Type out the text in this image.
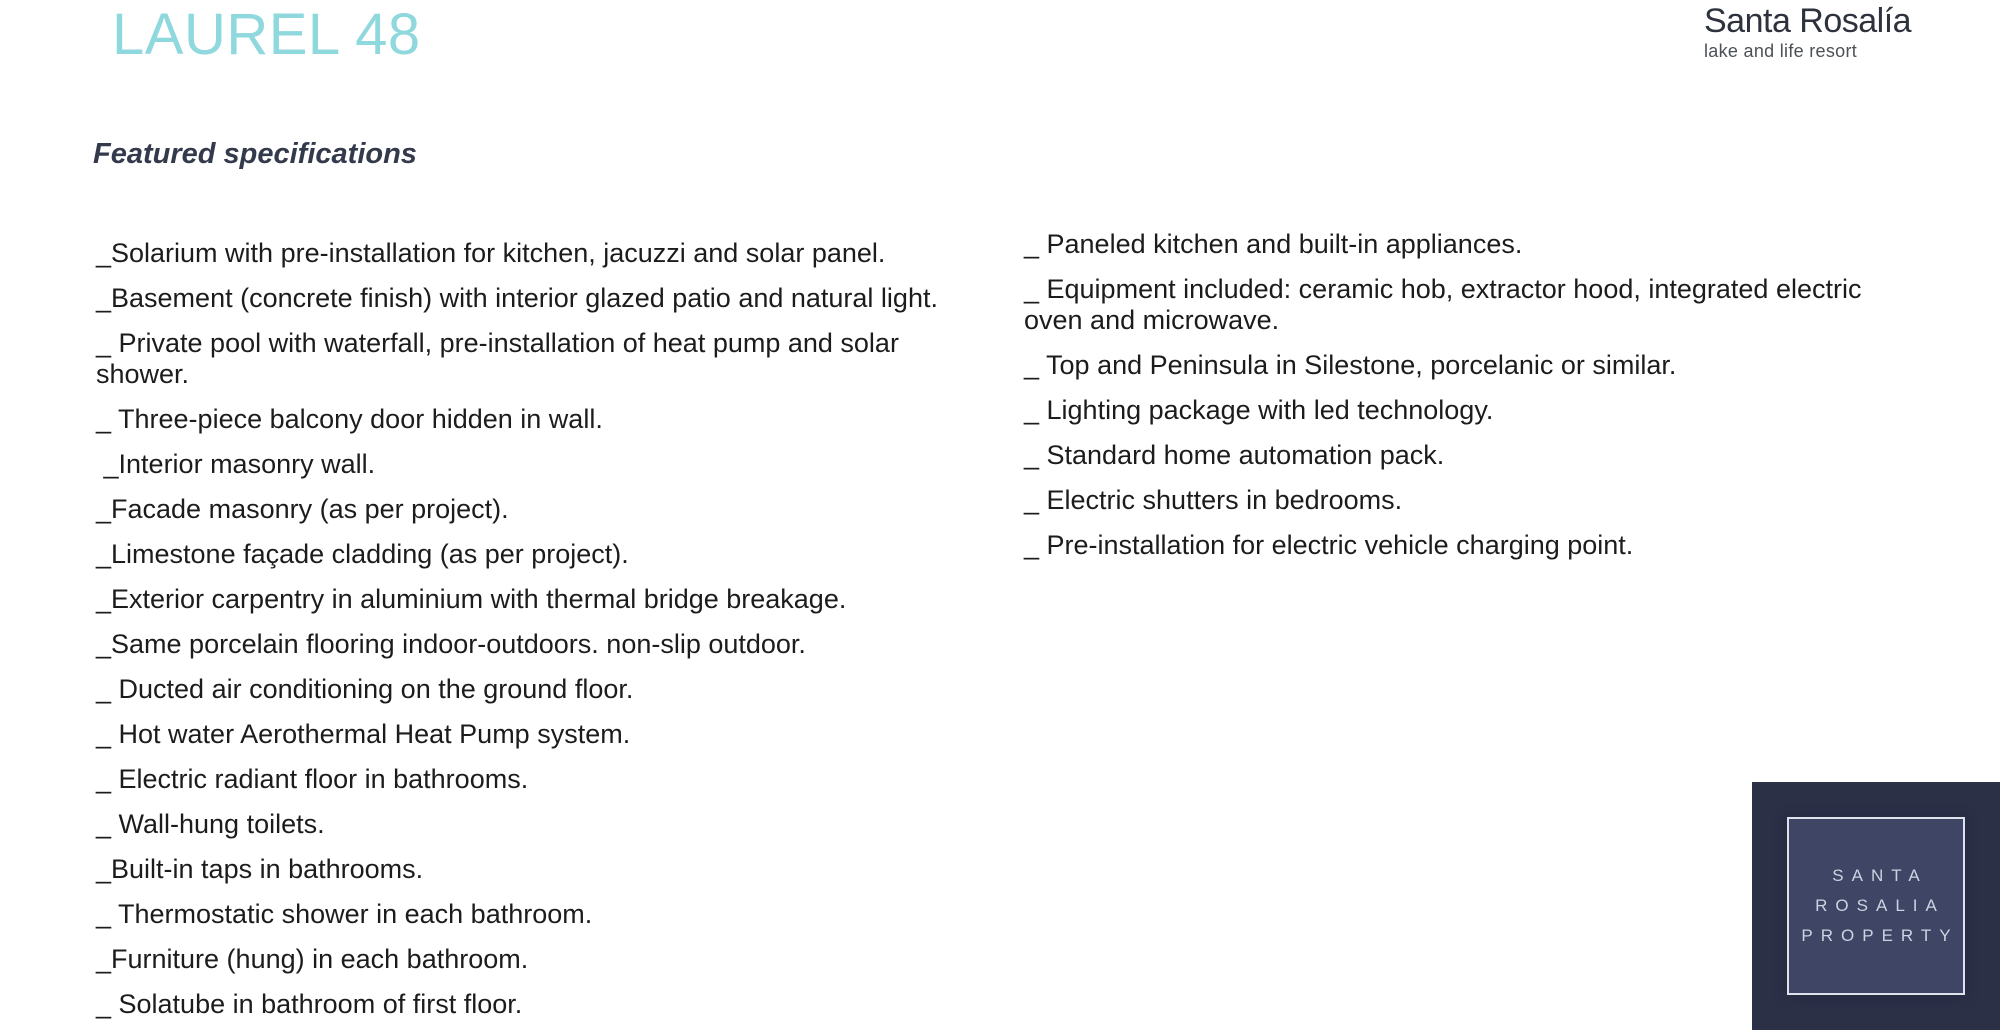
LAUREL 48	Santa Rosalía
lake and life resort
Featured specifications

_Solarium with pre-installation for kitchen, jacuzzi and solar panel.

_Basement (concrete finish) with interior glazed patio and natural light.

_ Private pool with waterfall, pre-installation of heat pump and solar shower.

_ Three-piece balcony door hidden in wall.

_Interior masonry wall.

_Facade masonry (as per project).

_Limestone façade cladding (as per project).

_Exterior carpentry in aluminium with thermal bridge breakage.

_Same porcelain flooring indoor-outdoors. non-slip outdoor.

_ Ducted air conditioning on the ground floor.

_ Hot water Aerothermal Heat Pump system.

_ Electric radiant floor in bathrooms.

_ Wall-hung toilets.

_Built-in taps in bathrooms.

_ Thermostatic shower in each bathroom.

_Furniture (hung) in each bathroom.

_ Solatube in bathroom of first floor.

_ Paneled kitchen and built-in appliances.

_ Equipment included: ceramic hob, extractor hood, integrated electric oven and microwave.

_ Top and Peninsula in Silestone, porcelanic or similar.

_ Lighting package with led technology.

_ Standard home automation pack.

_ Electric shutters in bedrooms.

_ Pre-installation for electric vehicle charging point.

SANTA
ROSALIA
PROPERTY
